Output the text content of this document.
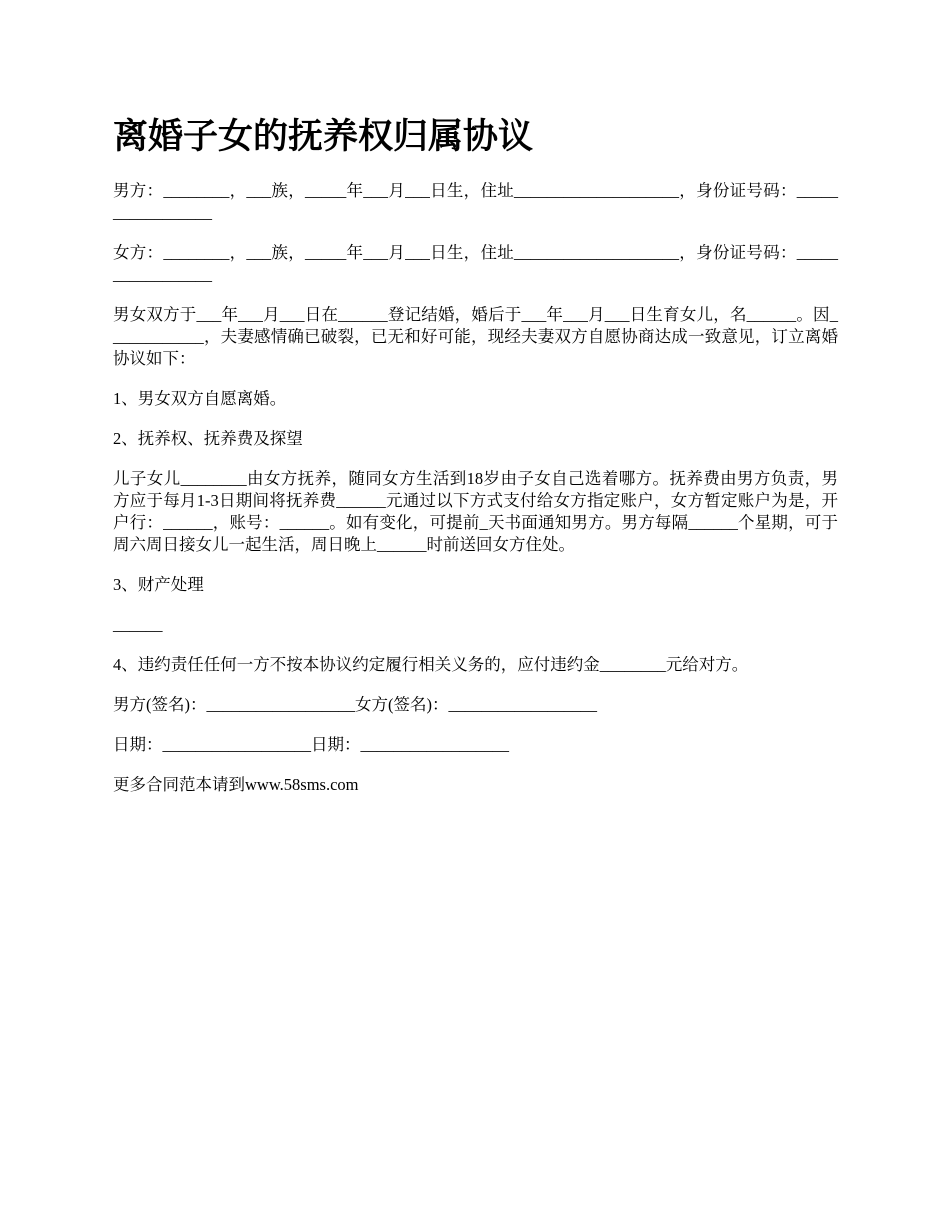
离婚子女的抚养权归属协议

男方：________，___族，_____年___月___日生，住址____________________，身份证号码：_________________

女方：________，___族，_____年___月___日生，住址____________________，身份证号码：_________________

男女双方于___年___月___日在______登记结婚，婚后于___年___月___日生育女儿，名______。因____________，夫妻感情确已破裂，已无和好可能，现经夫妻双方自愿协商达成一致意见，订立离婚协议如下：

1、男女双方自愿离婚。

2、抚养权、抚养费及探望

儿子女儿________由女方抚养，随同女方生活到18岁由子女自己选着哪方。抚养费由男方负责，男方应于每月1-3日期间将抚养费______元通过以下方式支付给女方指定账户，女方暂定账户为是，开户行：______，账号：______。如有变化，可提前_天书面通知男方。男方每隔______个星期，可于周六周日接女儿一起生活，周日晚上______时前送回女方住处。

3、财产处理

______

4、违约责任任何一方不按本协议约定履行相关义务的，应付违约金________元给对方。

男方(签名)：__________________女方(签名)：__________________

日期：__________________日期：__________________

更多合同范本请到www.58sms.com
